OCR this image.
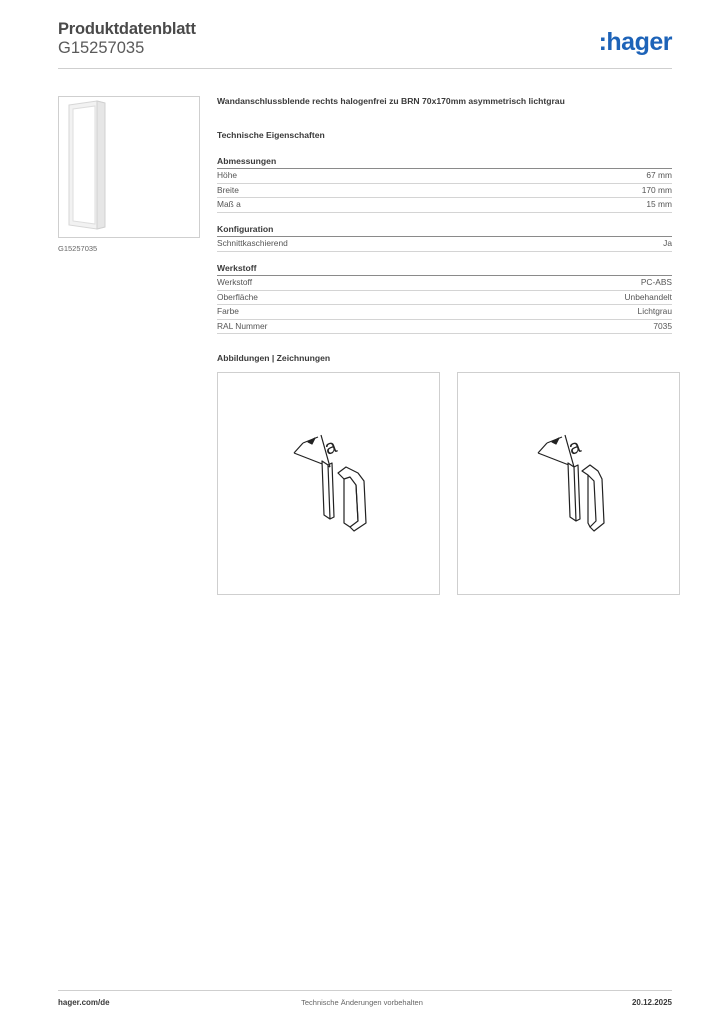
Produktdatenblatt
G15257035	:hager
G15257035
Wandanschlussblende rechts halogenfrei zu BRN 70x170mm asymmetrisch lichtgrau
Technische Eigenschaften
Abmessungen
Höhe	67 mm
Breite	170 mm
Maß a	15 mm
Konfiguration
Schnittkaschierend	Ja
Werkstoff
Werkstoff	PC-ABS
Oberfläche	Unbehandelt
Farbe	Lichtgrau
RAL Nummer	7035
Abbildungen | Zeichnungen
a	a
hager.com/de	Technische Änderungen vorbehalten	20.12.2025
